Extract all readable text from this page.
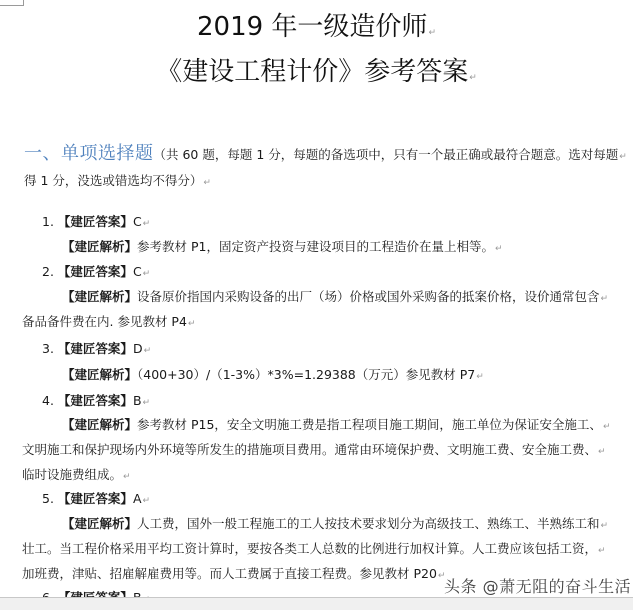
2019 年一级造价师↵
《建设工程计价》参考答案↵
一、单项选择题（共 60 题，每题 1 分，每题的备选项中，只有一个最正确或最符合题意。选对每题↵
得 1 分，没选或错选均不得分）↵
1. 【建匠答案】C↵
【建匠解析】参考教材 P1，固定资产投资与建设项目的工程造价在量上相等。↵
2. 【建匠答案】C↵
【建匠解析】设备原价指国内采购设备的出厂（场）价格或国外采购备的抵案价格，设价通常包含↵
备品备件费在内. 参见教材 P4↵
3. 【建匠答案】D↵
【建匠解析】（400+30）/（1-3%）*3%=1.29388（万元）参见教材 P7↵
4. 【建匠答案】B↵
【建匠解析】参考教材 P15，安全文明施工费是指工程项目施工期间，施工单位为保证安全施工、↵
文明施工和保护现场内外环境等所发生的措施项目费用。通常由环境保护费、文明施工费、安全施工费、↵
临时设施费组成。↵
5. 【建匠答案】A↵
【建匠解析】人工费，国外一般工程施工的工人按技术要求划分为高级技工、熟练工、半熟练工和↵
壮工。当工程价格采用平均工资计算时，要按各类工人总数的比例进行加权计算。人工费应该包括工资，↵
加班费，津贴、招雇解雇费用等。而人工费属于直接工程费。参见教材 P20↵
头条 @萧无阻的奋斗生活
